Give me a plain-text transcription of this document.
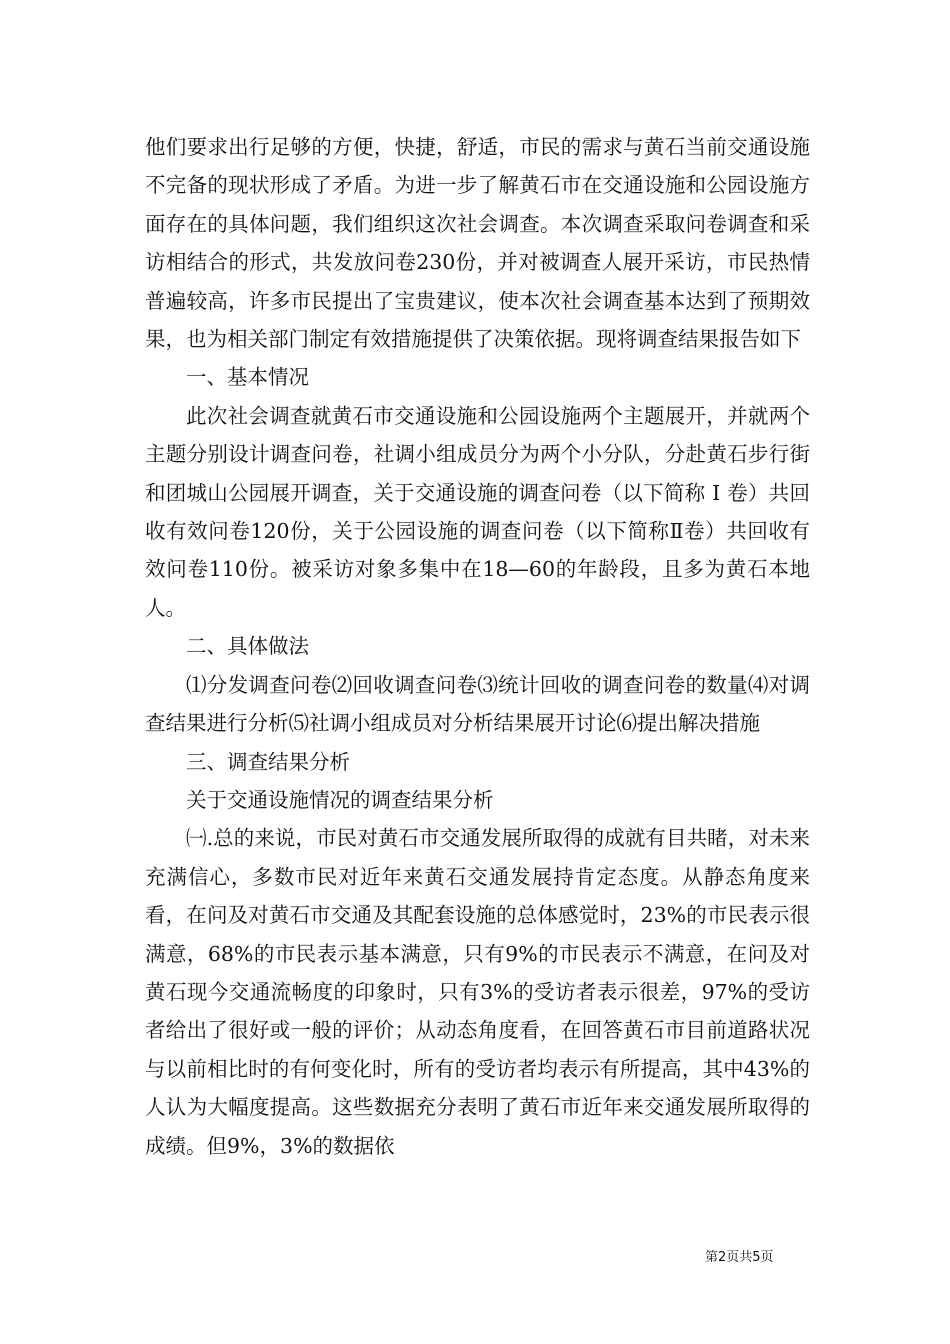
他们要求出行足够的方便，快捷，舒适，市民的需求与黄石当前交通设施不完备的现状形成了矛盾。为进一步了解黄石市在交通设施和公园设施方面存在的具体问题，我们组织这次社会调查。本次调查采取问卷调查和采访相结合的形式，共发放问卷230份，并对被调查人展开采访，市民热情普遍较高，许多市民提出了宝贵建议，使本次社会调查基本达到了预期效果，也为相关部门制定有效措施提供了决策依据。现将调查结果报告如下

一、基本情况

此次社会调查就黄石市交通设施和公园设施两个主题展开，并就两个主题分别设计调查问卷，社调小组成员分为两个小分队，分赴黄石步行街和团城山公园展开调查，关于交通设施的调查问卷（以下简称 Ⅰ 卷）共回收有效问卷120份，关于公园设施的调查问卷（以下简称Ⅱ卷）共回收有效问卷110份。被采访对象多集中在18—60的年龄段，且多为黄石本地人。

二、具体做法

⑴分发调查问卷⑵回收调查问卷⑶统计回收的调查问卷的数量⑷对调查结果进行分析⑸社调小组成员对分析结果展开讨论⑹提出解决措施

三、调查结果分析

关于交通设施情况的调查结果分析

㈠.总的来说，市民对黄石市交通发展所取得的成就有目共睹，对未来充满信心，多数市民对近年来黄石交通发展持肯定态度。从静态角度来看，在问及对黄石市交通及其配套设施的总体感觉时，23%的市民表示很满意，68%的市民表示基本满意，只有9%的市民表示不满意，在问及对黄石现今交通流畅度的印象时，只有3%的受访者表示很差，97%的受访者给出了很好或一般的评价；从动态角度看，在回答黄石市目前道路状况与以前相比时的有何变化时，所有的受访者均表示有所提高，其中43%的人认为大幅度提高。这些数据充分表明了黄石市近年来交通发展所取得的成绩。但9%，3%的数据依

第2页共5页
